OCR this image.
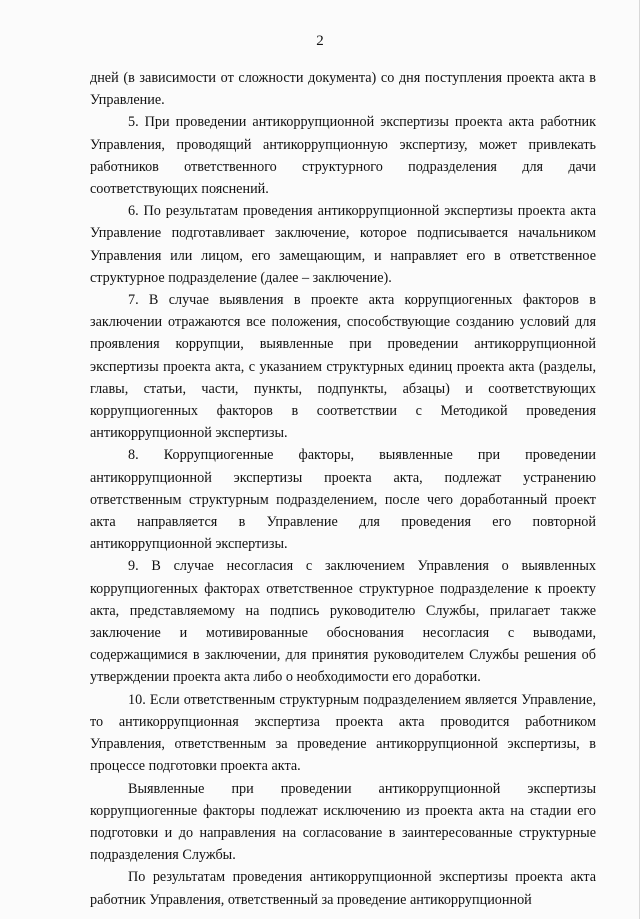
2

дней (в зависимости от сложности документа) со дня поступления проекта акта в Управление.

5. При проведении антикоррупционной экспертизы проекта акта работник Управления, проводящий антикоррупционную экспертизу, может привлекать работников ответственного структурного подразделения для дачи соответствующих пояснений.

6. По результатам проведения антикоррупционной экспертизы проекта акта Управление подготавливает заключение, которое подписывается начальником Управления или лицом, его замещающим, и направляет его в ответственное структурное подразделение (далее – заключение).

7. В случае выявления в проекте акта коррупциогенных факторов в заключении отражаются все положения, способствующие созданию условий для проявления коррупции, выявленные при проведении антикоррупционной экспертизы проекта акта, с указанием структурных единиц проекта акта (разделы, главы, статьи, части, пункты, подпункты, абзацы) и соответствующих коррупциогенных факторов в соответствии с Методикой проведения антикоррупционной экспертизы.

8. Коррупциогенные факторы, выявленные при проведении антикоррупционной экспертизы проекта акта, подлежат устранению ответственным структурным подразделением, после чего доработанный проект акта направляется в Управление для проведения его повторной антикоррупционной экспертизы.

9. В случае несогласия с заключением Управления о выявленных коррупциогенных факторах ответственное структурное подразделение к проекту акта, представляемому на подпись руководителю Службы, прилагает также заключение и мотивированные обоснования несогласия с выводами, содержащимися в заключении, для принятия руководителем Службы решения об утверждении проекта акта либо о необходимости его доработки.

10. Если ответственным структурным подразделением является Управление, то антикоррупционная экспертиза проекта акта проводится работником Управления, ответственным за проведение антикоррупционной экспертизы, в процессе подготовки проекта акта.

Выявленные при проведении антикоррупционной экспертизы коррупциогенные факторы подлежат исключению из проекта акта на стадии его подготовки и до направления на согласование в заинтересованные структурные подразделения Службы.

По результатам проведения антикоррупционной экспертизы проекта акта работник Управления, ответственный за проведение антикоррупционной
